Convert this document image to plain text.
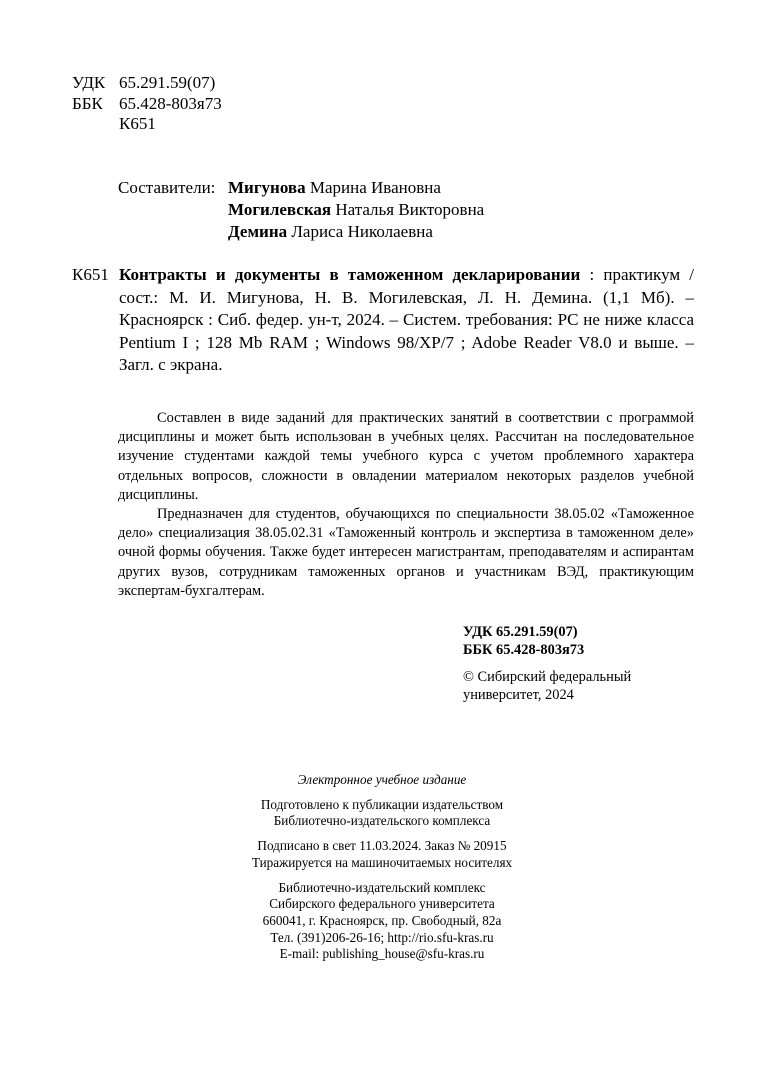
УДК 65.291.59(07)
ББК 65.428-803я73
К651
Составители: Мигунова Марина Ивановна
Могилевская Наталья Викторовна
Демина Лариса Николаевна
К651 Контракты и документы в таможенном декларировании : практикум / сост.: М. И. Мигунова, Н. В. Могилевская, Л. Н. Демина. (1,1 Мб). – Красноярск : Сиб. федер. ун-т, 2024. – Систем. требования: PC не ниже класса Pentium I ; 128 Mb RAM ; Windows 98/XP/7 ; Adobe Reader V8.0 и выше. – Загл. с экрана.

Составлен в виде заданий для практических занятий в соответствии с программой дисциплины и может быть использован в учебных целях. Рассчитан на последовательное изучение студентами каждой темы учебного курса с учетом проблемного характера отдельных вопросов, сложности в овладении материалом некоторых разделов учебной дисциплины.

Предназначен для студентов, обучающихся по специальности 38.05.02 «Таможенное дело» специализация 38.05.02.31 «Таможенный контроль и экспертиза в таможенном деле» очной формы обучения. Также будет интересен магистрантам, преподавателям и аспирантам других вузов, сотрудникам таможенных органов и участникам ВЭД, практикующим экспертам-бухгалтерам.

УДК 65.291.59(07)
ББК 65.428-803я73
© Сибирский федеральный
университет, 2024
Электронное учебное издание
Подготовлено к публикации издательством
Библиотечно-издательского комплекса
Подписано в свет 11.03.2024. Заказ № 20915
Тиражируется на машиночитаемых носителях
Библиотечно-издательский комплекс
Сибирского федерального университета
660041, г. Красноярск, пр. Свободный, 82а
Тел. (391)206-26-16; http://rio.sfu-kras.ru
E-mail: publishing_house@sfu-kras.ru
